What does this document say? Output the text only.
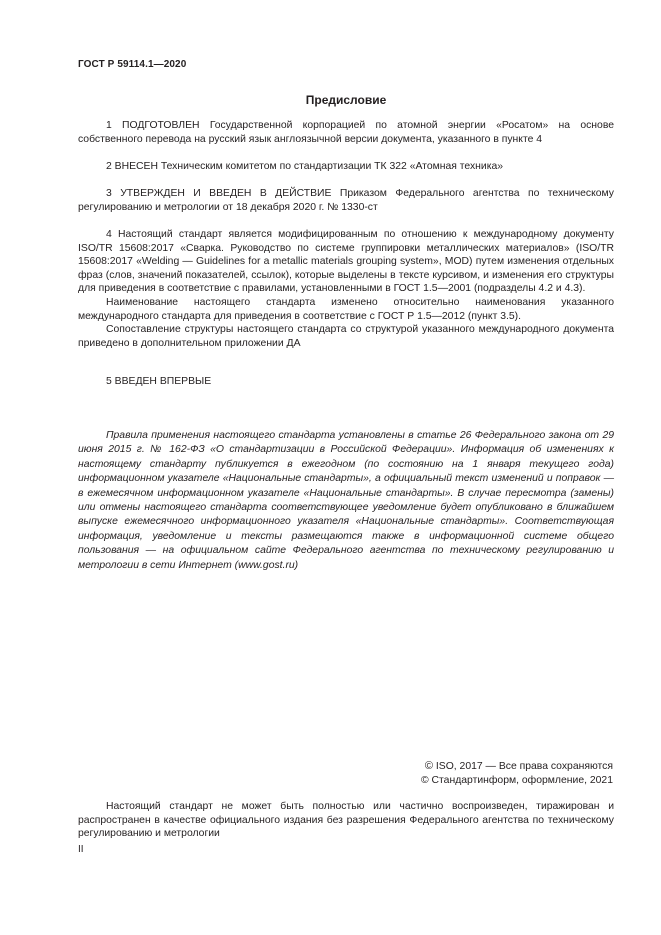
ГОСТ Р 59114.1—2020
Предисловие

1 ПОДГОТОВЛЕН Государственной корпорацией по атомной энергии «Росатом» на основе собственного перевода на русский язык англоязычной версии документа, указанного в пункте 4

2 ВНЕСЕН Техническим комитетом по стандартизации ТК 322 «Атомная техника»

3 УТВЕРЖДЕН И ВВЕДЕН В ДЕЙСТВИЕ Приказом Федерального агентства по техническому регулированию и метрологии от 18 декабря 2020 г. № 1330-ст

4 Настоящий стандарт является модифицированным по отношению к международному документу ISO/TR 15608:2017 «Сварка. Руководство по системе группировки металлических материалов» (ISO/TR 15608:2017 «Welding — Guidelines for a metallic materials grouping system», MOD) путем изменения отдельных фраз (слов, значений показателей, ссылок), которые выделены в тексте курсивом, и изменения его структуры для приведения в соответствие с правилами, установленными в ГОСТ 1.5—2001 (подразделы 4.2 и 4.3).

Наименование настоящего стандарта изменено относительно наименования указанного международного стандарта для приведения в соответствие с ГОСТ Р 1.5—2012 (пункт 3.5).

Сопоставление структуры настоящего стандарта со структурой указанного международного документа приведено в дополнительном приложении ДА

5 ВВЕДЕН ВПЕРВЫЕ

Правила применения настоящего стандарта установлены в статье 26 Федерального закона от 29 июня 2015 г. № 162-ФЗ «О стандартизации в Российской Федерации». Информация об изменениях к настоящему стандарту публикуется в ежегодном (по состоянию на 1 января текущего года) информационном указателе «Национальные стандарты», а официальный текст изменений и поправок — в ежемесячном информационном указателе «Национальные стандарты». В случае пересмотра (замены) или отмены настоящего стандарта соответствующее уведомление будет опубликовано в ближайшем выпуске ежемесячного информационного указателя «Национальные стандарты». Соответствующая информация, уведомление и тексты размещаются также в информационной системе общего пользования — на официальном сайте Федерального агентства по техническому регулированию и метрологии в сети Интернет (www.gost.ru)

© ISO, 2017 — Все права сохраняются
© Стандартинформ, оформление, 2021

Настоящий стандарт не может быть полностью или частично воспроизведен, тиражирован и распространен в качестве официального издания без разрешения Федерального агентства по техническому регулированию и метрологии

II
